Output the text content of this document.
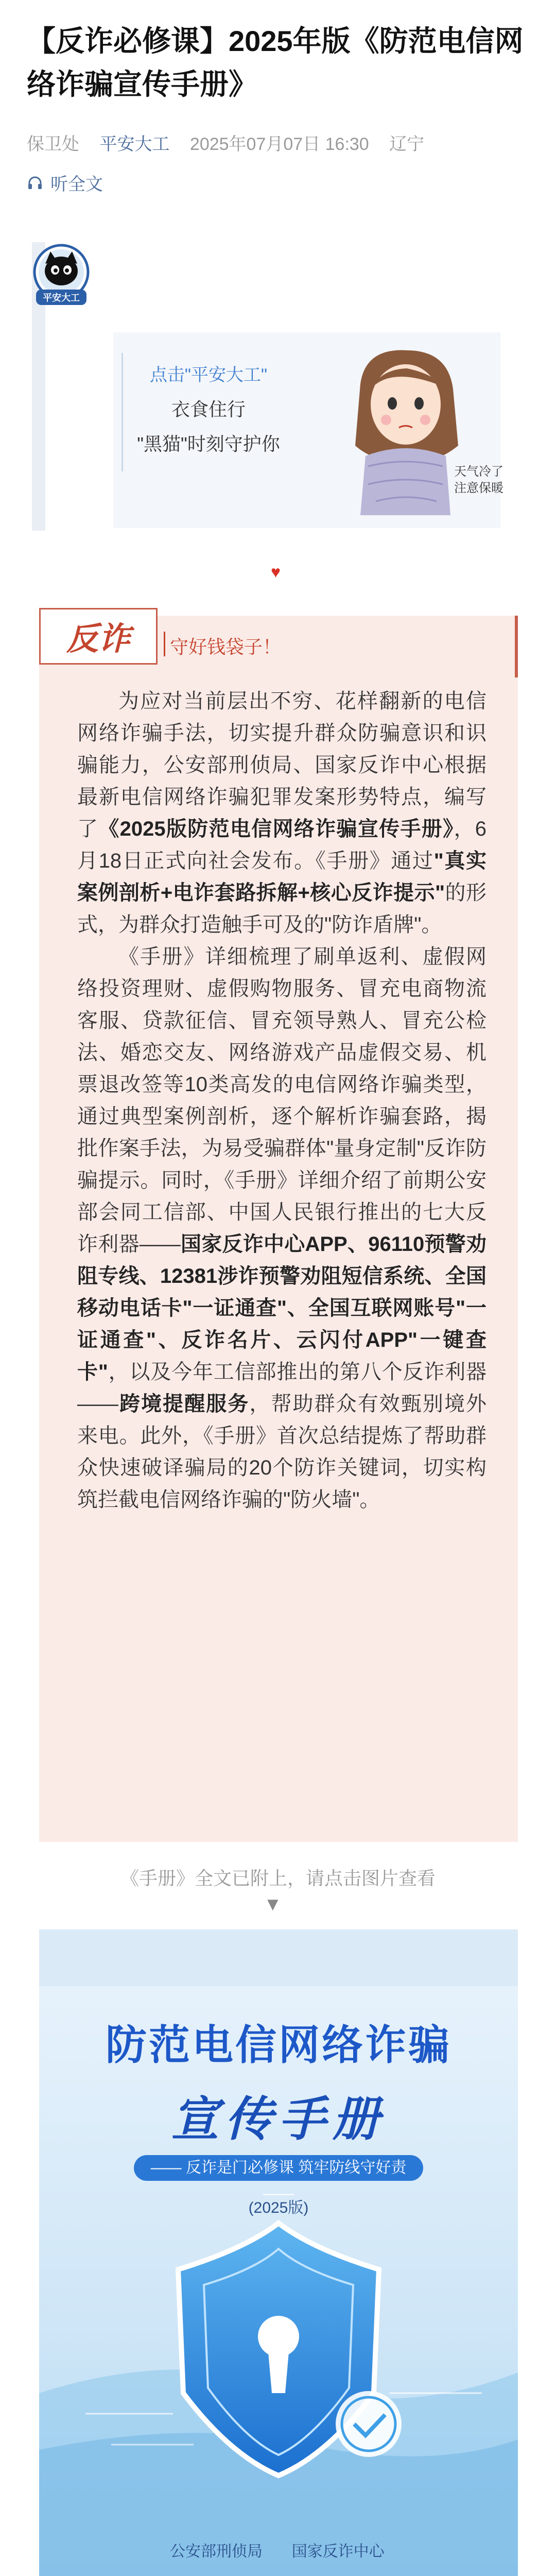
【反诈必修课】2025年版《防范电信网络诈骗宣传手册》
保卫处 平安大工 2025年07月07日 16:30 辽宁
听全文
平安大工
点击"平安大工"
衣食住行
"黑猫"时刻守护你
天气冷了
注意保暖
♥
反诈	守好钱袋子！

为应对当前层出不穷、花样翻新的电信网络诈骗手法，切实提升群众防骗意识和识骗能力，公安部刑侦局、国家反诈中心根据最新电信网络诈骗犯罪发案形势特点，编写了《2025版防范电信网络诈骗宣传手册》，6月18日正式向社会发布。《手册》通过"真实案例剖析+电诈套路拆解+核心反诈提示"的形式，为群众打造触手可及的"防诈盾牌"。

《手册》详细梳理了刷单返利、虚假网络投资理财、虚假购物服务、冒充电商物流客服、贷款征信、冒充领导熟人、冒充公检法、婚恋交友、网络游戏产品虚假交易、机票退改签等10类高发的电信网络诈骗类型，通过典型案例剖析，逐个解析诈骗套路，揭批作案手法，为易受骗群体"量身定制"反诈防骗提示。同时，《手册》详细介绍了前期公安部会同工信部、中国人民银行推出的七大反诈利器——国家反诈中心APP、96110预警劝阻专线、12381涉诈预警劝阻短信系统、全国移动电话卡"一证通查"、全国互联网账号"一证通查"、反诈名片、云闪付APP"一键查卡"，以及今年工信部推出的第八个反诈利器——跨境提醒服务，帮助群众有效甄别境外来电。此外，《手册》首次总结提炼了帮助群众快速破译骗局的20个防诈关键词，切实构筑拦截电信网络诈骗的"防火墙"。

《手册》全文已附上，请点击图片查看
▼
防范电信网络诈骗
宣传手册
—— 反诈是门必修课 筑牢防线守好责 ——
(2025版)
公安部刑侦局 国家反诈中心
